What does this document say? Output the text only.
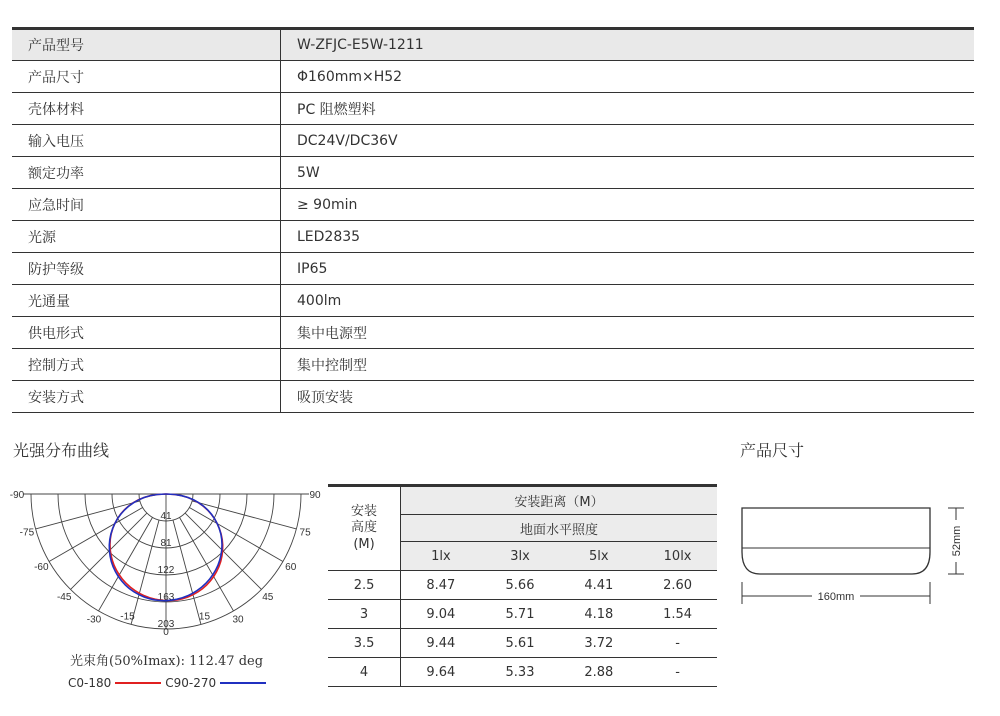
产品型号	W-ZFJC-E5W-1211
产品尺寸	Φ160mm×H52
壳体材料	PC 阻燃塑料
输入电压	DC24V/DC36V
额定功率	5W
应急时间	≥ 90min
光源	LED2835
防护等级	IP65
光通量	400lm
供电形式	集中电源型
控制方式	集中控制型
安装方式	吸顶安装
光强分布曲线	产品尺寸
-90	90
-75	75
-60	60
-45	45
-30	30
-15	15
0
41
81
122
163
203
光束角(50%Imax): 112.47 deg
C0-180	C90-270
安装
高度
(M)	安装距离（M）			
	地面水平照度			
	1lx	3lx	5lx	10lx
2.5	8.47	5.66	4.41	2.60
3	9.04	5.71	4.18	1.54
3.5	9.44	5.61	3.72	-
4	9.64	5.33	2.88	-
160mm
52mm
